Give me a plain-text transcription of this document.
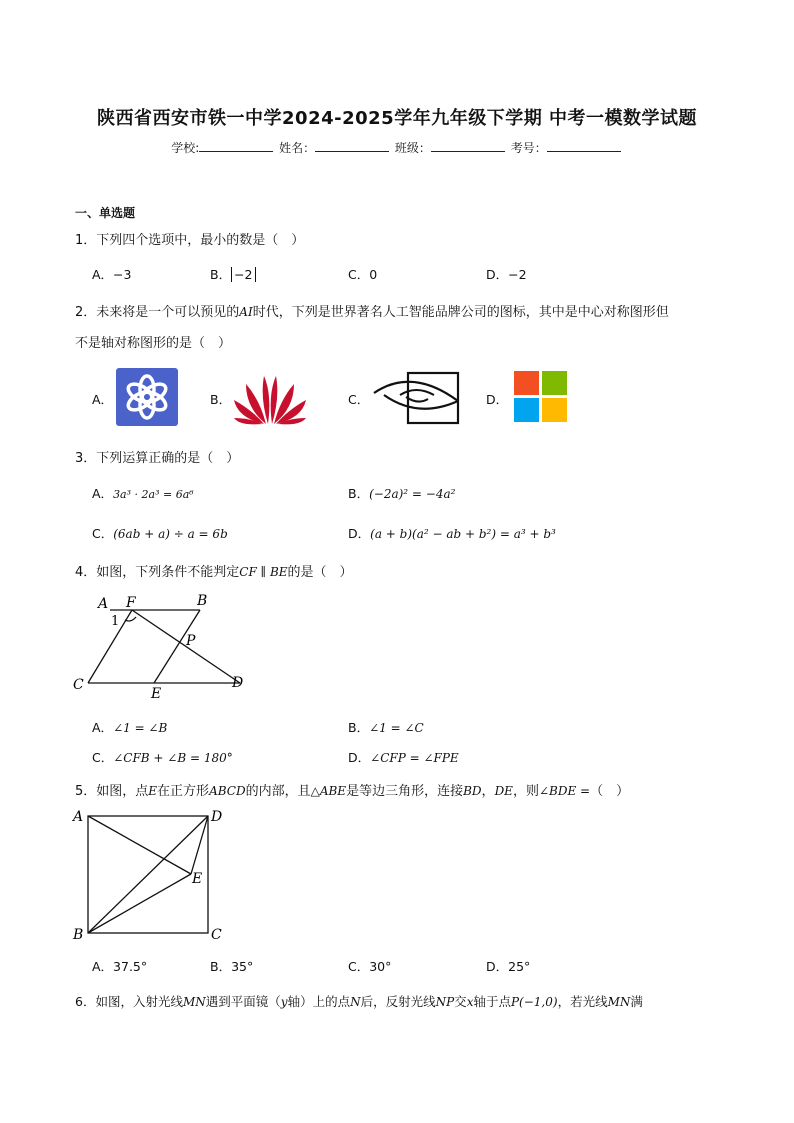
陕西省西安市铁一中学2024-2025学年九年级下学期 中考一模数学试题
学校:	姓名：	班级：	考号：
一、单选题
1．下列四个选项中，最小的数是（　）
A．−3	B． −2	C．0	D．−2
2．未来将是一个可以预见的AI时代，下列是世界著名人工智能品牌公司的图标，其中是中心对称图形但
不是轴对称图形的是（　）
A．	B．	C．	D．
3．下列运算正确的是（　）
A．3a³ · 2a³ = 6a⁶	B．(−2a)² = −4a²
C．(6ab + a) ÷ a = 6b	D．(a + b)(a² − ab + b²) = a³ + b³
4．如图，下列条件不能判定CF ∥ BE的是（　）
A F	B
1
P
C
E
D
A．∠1 = ∠B	B．∠1 = ∠C
C．∠CFB + ∠B = 180°	D．∠CFP = ∠FPE
5．如图，点E在正方形ABCD的内部，且△ABE是等边三角形，连接BD，DE，则∠BDE =（　）
A	D
E
B	C
A．37.5°	B．35°	C．30°	D．25°
6．如图，入射光线MN遇到平面镜（y轴）上的点N后，反射光线NP交x轴于点P(−1,0)，若光线MN满
